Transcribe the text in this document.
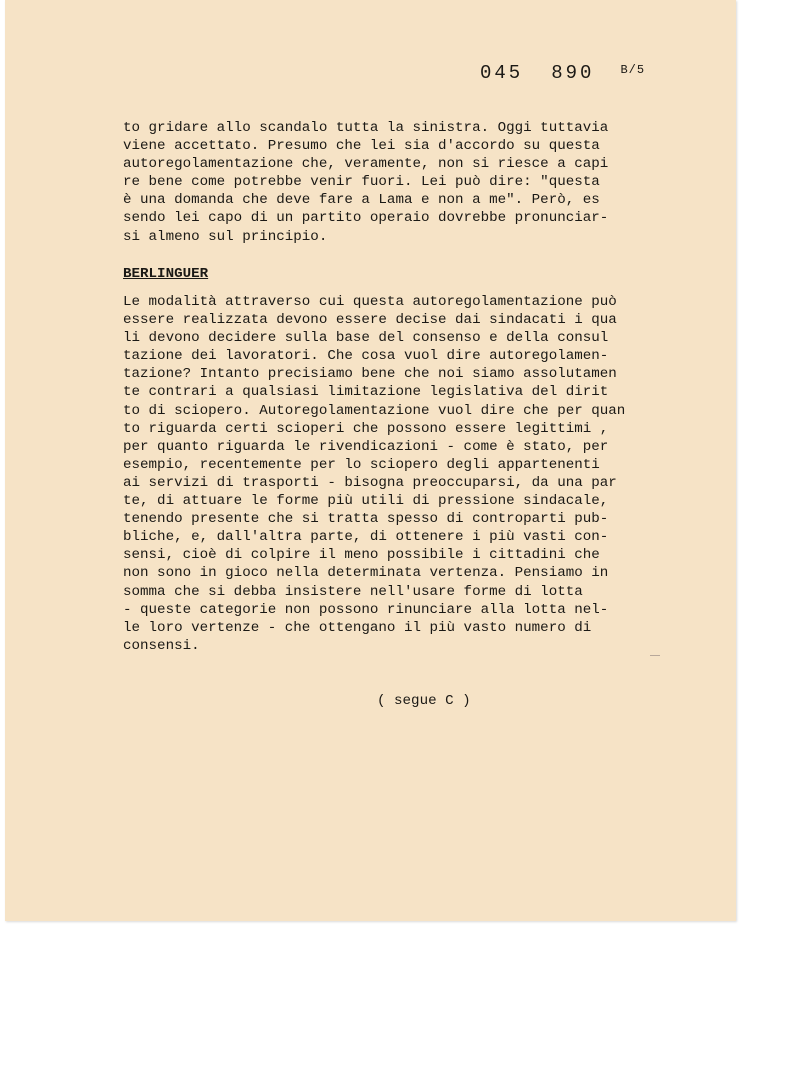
045 890 $^{B/5}$
to gridare allo scandalo tutta la sinistra. Oggi tuttavia
viene accettato. Presumo che lei sia d'accordo su questa
autoregolamentazione che, veramente, non si riesce a capi
re bene come potrebbe venir fuori. Lei può dire: "questa
è una domanda che deve fare a Lama e non a me". Però, es
sendo lei capo di un partito operaio dovrebbe pronunciar-
si almeno sul principio.
BERLINGUER
Le modalità attraverso cui questa autoregolamentazione può
essere realizzata devono essere decise dai sindacati i qua
li devono decidere sulla base del consenso e della consul
tazione dei lavoratori. Che cosa vuol dire autoregolamen-
tazione? Intanto precisiamo bene che noi siamo assolutamen
te contrari a qualsiasi limitazione legislativa del dirit
to di sciopero. Autoregolamentazione vuol dire che per quan
to riguarda certi scioperi che possono essere legittimi ,
per quanto riguarda le rivendicazioni - come è stato, per
esempio, recentemente per lo sciopero degli appartenenti
ai servizi di trasporti - bisogna preoccuparsi, da una par
te, di attuare le forme più utili di pressione sindacale,
tenendo presente che si tratta spesso di controparti pub-
bliche, e, dall'altra parte, di ottenere i più vasti con-
sensi, cioè di colpire il meno possibile i cittadini che
non sono in gioco nella determinata vertenza. Pensiamo in
somma che si debba insistere nell'usare forme di lotta
- queste categorie non possono rinunciare alla lotta nel-
le loro vertenze - che ottengano il più vasto numero di
consensi.
( segue C )
